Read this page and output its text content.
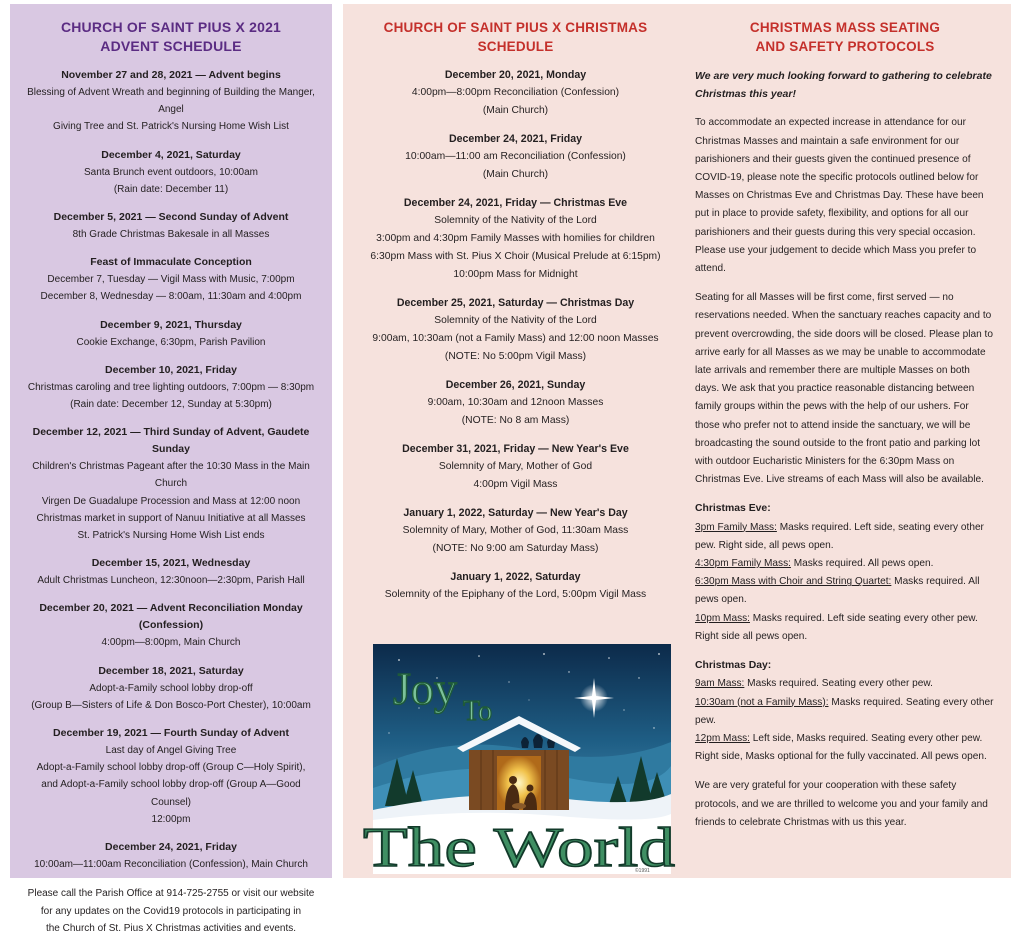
CHURCH OF SAINT PIUS X 2021
ADVENT SCHEDULE
November 27 and 28, 2021 — Advent begins
Blessing of Advent Wreath and beginning of Building the Manger, Angel
Giving Tree and St. Patrick's Nursing Home Wish List
December 4, 2021, Saturday
Santa Brunch event outdoors, 10:00am
(Rain date: December 11)
December 5, 2021 — Second Sunday of Advent
8th Grade Christmas Bakesale in all Masses
Feast of Immaculate Conception
December 7, Tuesday — Vigil Mass with Music, 7:00pm
December 8, Wednesday — 8:00am, 11:30am and 4:00pm
December 9, 2021, Thursday
Cookie Exchange, 6:30pm, Parish Pavilion
December 10, 2021, Friday
Christmas caroling and tree lighting outdoors, 7:00pm — 8:30pm
(Rain date: December 12, Sunday at 5:30pm)
December 12, 2021 — Third Sunday of Advent, Gaudete Sunday
Children's Christmas Pageant after the 10:30 Mass in the Main Church
Virgen De Guadalupe Procession and Mass at 12:00 noon
Christmas market in support of Nanuu Initiative at all Masses
St. Patrick's Nursing Home Wish List ends
December 15, 2021, Wednesday
Adult Christmas Luncheon, 12:30noon—2:30pm, Parish Hall
December 20, 2021 — Advent Reconciliation Monday (Confession)
4:00pm—8:00pm, Main Church
December 18, 2021, Saturday
Adopt-a-Family school lobby drop-off
(Group B—Sisters of Life & Don Bosco-Port Chester), 10:00am
December 19, 2021 — Fourth Sunday of Advent
Last day of Angel Giving Tree
Adopt-a-Family school lobby drop-off (Group C—Holy Spirit),
and Adopt-a-Family school lobby drop-off (Group A—Good Counsel)
12:00pm
December 24, 2021, Friday
10:00am—11:00am Reconciliation (Confession), Main Church
Please call the Parish Office at 914-725-2755 or visit our website
for any updates on the Covid19 protocols in participating in
the Church of St. Pius X Christmas activities and events.
CHURCH OF SAINT PIUS X CHRISTMAS SCHEDULE
December 20, 2021, Monday
4:00pm—8:00pm Reconciliation (Confession)
(Main Church)
December 24, 2021, Friday
10:00am—11:00 am Reconciliation (Confession)
(Main Church)
December 24, 2021, Friday — Christmas Eve
Solemnity of the Nativity of the Lord
3:00pm and 4:30pm Family Masses with homilies for children
6:30pm Mass with St. Pius X Choir (Musical Prelude at 6:15pm)
10:00pm Mass for Midnight
December 25, 2021, Saturday — Christmas Day
Solemnity of the Nativity of the Lord
9:00am, 10:30am (not a Family Mass) and 12:00 noon Masses
(NOTE: No 5:00pm Vigil Mass)
December 26, 2021, Sunday
9:00am, 10:30am and 12noon Masses
(NOTE: No 8 am Mass)
December 31, 2021, Friday — New Year's Eve
Solemnity of Mary, Mother of God
4:00pm Vigil Mass
January 1, 2022, Saturday — New Year's Day
Solemnity of Mary, Mother of God, 11:30am Mass
(NOTE: No 9:00 am Saturday Mass)
January 1, 2022, Saturday
Solemnity of the Epiphany of the Lord, 5:00pm Vigil Mass
CHRISTMAS MASS SEATING
AND SAFETY PROTOCOLS

We are very much looking forward to gathering to celebrate Christmas this year!

To accommodate an expected increase in attendance for our Christmas Masses and maintain a safe environment for our parishioners and their guests given the continued presence of COVID-19, please note the specific protocols outlined below for Masses on Christmas Eve and Christmas Day. These have been put in place to provide safety, flexibility, and options for all our parishioners and their guests during this very special occasion. Please use your judgement to decide which Mass you prefer to attend.

Seating for all Masses will be first come, first served — no reservations needed. When the sanctuary reaches capacity and to prevent overcrowding, the side doors will be closed. Please plan to arrive early for all Masses as we may be unable to accommodate late arrivals and remember there are multiple Masses on both days. We ask that you practice reasonable distancing between family groups within the pews with the help of our ushers. For those who prefer not to attend inside the sanctuary, we will be broadcasting the sound outside to the front patio and parking lot with outdoor Eucharistic Ministers for the 6:30pm Mass on Christmas Eve. Live streams of each Mass will also be available.

Christmas Eve:
3pm Family Mass: Masks required. Left side, seating every other pew. Right side, all pews open.
4:30pm Family Mass: Masks required. All pews open.
6:30pm Mass with Choir and String Quartet: Masks required. All pews open.
10pm Mass: Masks required. Left side seating every other pew. Right side all pews open.
Christmas Day:
9am Mass: Masks required. Seating every other pew.
10:30am (not a Family Mass): Masks required. Seating every other pew.
12pm Mass: Left side, Masks required. Seating every other pew. Right side, Masks optional for the fully vaccinated. All pews open.

We are very grateful for your cooperation with these safety protocols, and we are thrilled to welcome you and your family and friends to celebrate Christmas with us this year.

Joy To
The World
©1991
